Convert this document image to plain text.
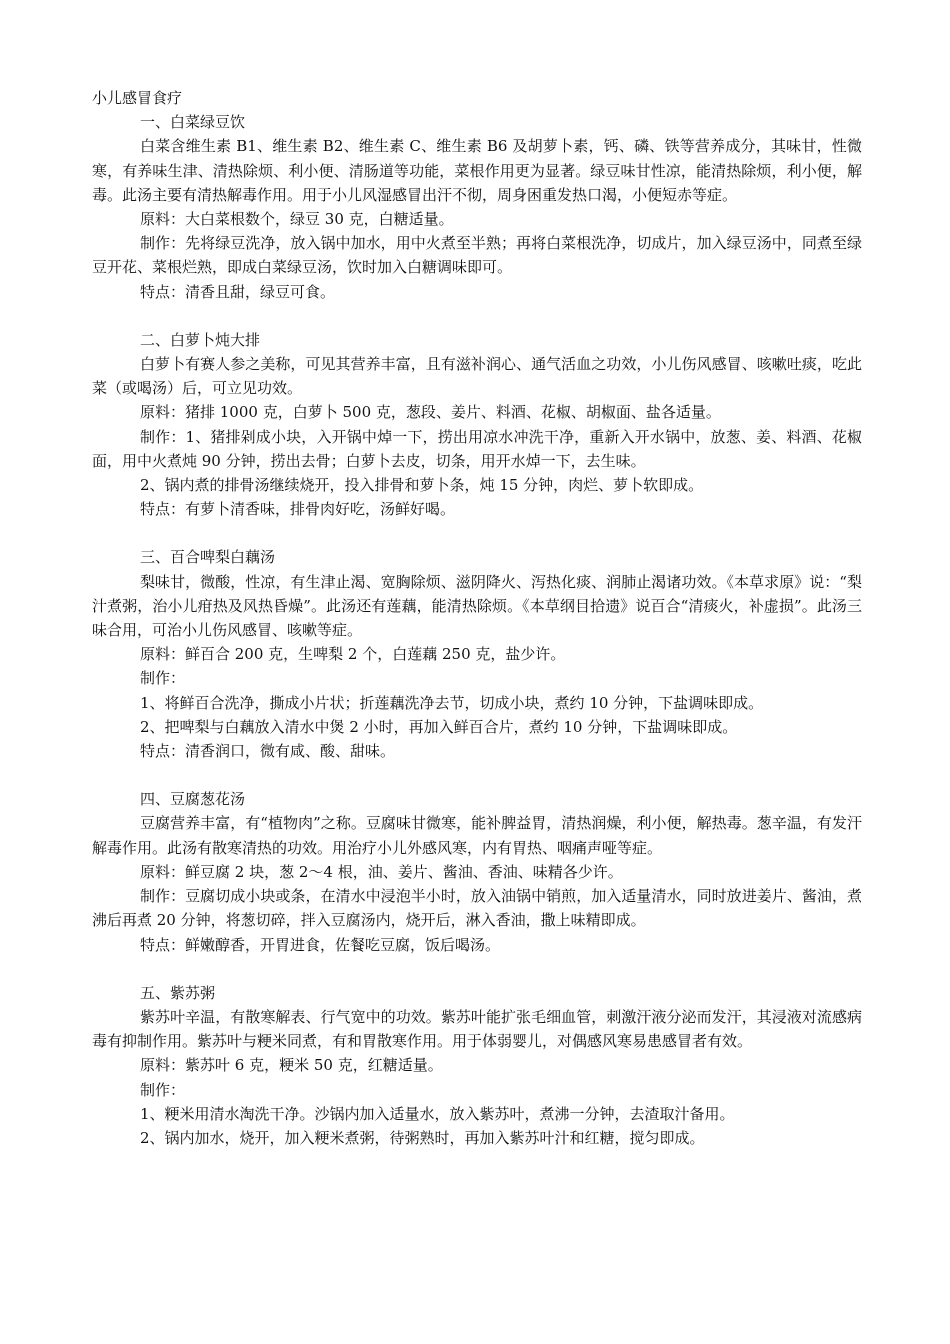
小儿感冒食疗

一、白菜绿豆饮

白菜含维生素 B1、维生素 B2、维生素 C、维生素 B6 及胡萝卜素，钙、磷、铁等营养成分，其味甘，性微寒，有养味生津、清热除烦、利小便、清肠道等功能，菜根作用更为显著。绿豆味甘性凉，能清热除烦，利小便，解毒。此汤主要有清热解毒作用。用于小儿风湿感冒出汗不彻，周身困重发热口渴，小便短赤等症。

原料：大白菜根数个，绿豆 30 克，白糖适量。

制作：先将绿豆洗净，放入锅中加水，用中火煮至半熟；再将白菜根洗净，切成片，加入绿豆汤中，同煮至绿豆开花、菜根烂熟，即成白菜绿豆汤，饮时加入白糖调味即可。

特点：清香且甜，绿豆可食。

二、白萝卜炖大排

白萝卜有赛人参之美称，可见其营养丰富，且有滋补润心、通气活血之功效，小儿伤风感冒、咳嗽吐痰，吃此菜（或喝汤）后，可立见功效。

原料：猪排 1000 克，白萝卜 500 克，葱段、姜片、料酒、花椒、胡椒面、盐各适量。

制作：1、猪排剁成小块，入开锅中焯一下，捞出用凉水冲洗干净，重新入开水锅中，放葱、姜、料酒、花椒面，用中火煮炖 90 分钟，捞出去骨；白萝卜去皮，切条，用开水焯一下，去生味。

2、锅内煮的排骨汤继续烧开，投入排骨和萝卜条，炖 15 分钟，肉烂、萝卜软即成。

特点：有萝卜清香味，排骨肉好吃，汤鲜好喝。

三、百合啤梨白藕汤

梨味甘，微酸，性凉，有生津止渴、宽胸除烦、滋阴降火、泻热化痰、润肺止渴诸功效。《本草求原》说：“梨汁煮粥，治小儿疳热及风热昏燥”。此汤还有莲藕，能清热除烦。《本草纲目拾遗》说百合“清痰火，补虚损”。此汤三味合用，可治小儿伤风感冒、咳嗽等症。

原料：鲜百合 200 克，生啤梨 2 个，白莲藕 250 克，盐少许。

制作：

1、将鲜百合洗净，撕成小片状；折莲藕洗净去节，切成小块，煮约 10 分钟，下盐调味即成。

2、把啤梨与白藕放入清水中煲 2 小时，再加入鲜百合片，煮约 10 分钟，下盐调味即成。

特点：清香润口，微有咸、酸、甜味。

四、豆腐葱花汤

豆腐营养丰富，有“植物肉”之称。豆腐味甘微寒，能补脾益胃，清热润燥，利小便，解热毒。葱辛温，有发汗解毒作用。此汤有散寒清热的功效。用治疗小儿外感风寒，内有胃热、咽痛声哑等症。

原料：鲜豆腐 2 块，葱 2～4 根，油、姜片、酱油、香油、味精各少许。

制作：豆腐切成小块或条，在清水中浸泡半小时，放入油锅中销煎，加入适量清水，同时放进姜片、酱油，煮沸后再煮 20 分钟，将葱切碎，拌入豆腐汤内，烧开后，淋入香油，撒上味精即成。

特点：鲜嫩醇香，开胃进食，佐餐吃豆腐，饭后喝汤。

五、紫苏粥

紫苏叶辛温，有散寒解表、行气宽中的功效。紫苏叶能扩张毛细血管，刺激汗液分泌而发汗，其浸液对流感病毒有抑制作用。紫苏叶与粳米同煮，有和胃散寒作用。用于体弱婴儿，对偶感风寒易患感冒者有效。

原料：紫苏叶 6 克，粳米 50 克，红糖适量。

制作：

1、粳米用清水淘洗干净。沙锅内加入适量水，放入紫苏叶，煮沸一分钟，去渣取汁备用。

2、锅内加水，烧开，加入粳米煮粥，待粥熟时，再加入紫苏叶汁和红糖，搅匀即成。
